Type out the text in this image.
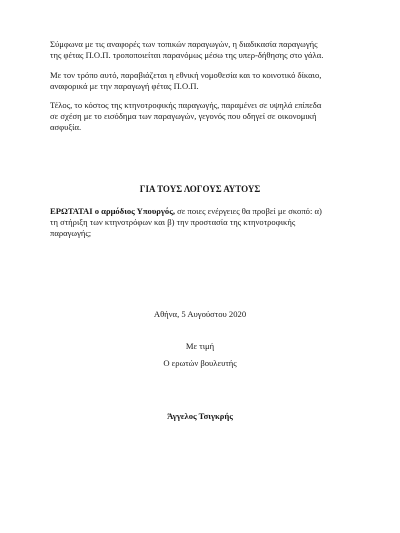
Σύμφωνα με τις αναφορές των τοπικών παραγωγών, η διαδικασία παραγωγής
της φέτας Π.Ο.Π. τροποποιείται παρανόμως μέσω της υπερ-δήθησης στο γάλα.
Με τον τρόπο αυτό, παραβιάζεται η εθνική νομοθεσία και το κοινοτικό δίκαιο,
αναφορικά με την παραγωγή φέτας Π.Ο.Π.
Τέλος, το κόστος της κτηνοτροφικής παραγωγής, παραμένει σε υψηλά επίπεδα
σε σχέση με το εισόδημα των παραγωγών, γεγονός που οδηγεί σε οικονομική
ασφυξία.
ΓΙΑ ΤΟΥΣ ΛΟΓΟΥΣ ΑΥΤΟΥΣ
ΕΡΩΤΑΤΑΙ ο αρμόδιος Υπουργός, σε ποιες ενέργειες θα προβεί με σκοπό: α)
τη στήριξη των κτηνοτρόφων και β) την προστασία της κτηνοτροφικής
παραγωγής;
Αθήνα, 5 Αυγούστου 2020
Με τιμή
Ο ερωτών βουλευτής
Άγγελος Τσιγκρής
